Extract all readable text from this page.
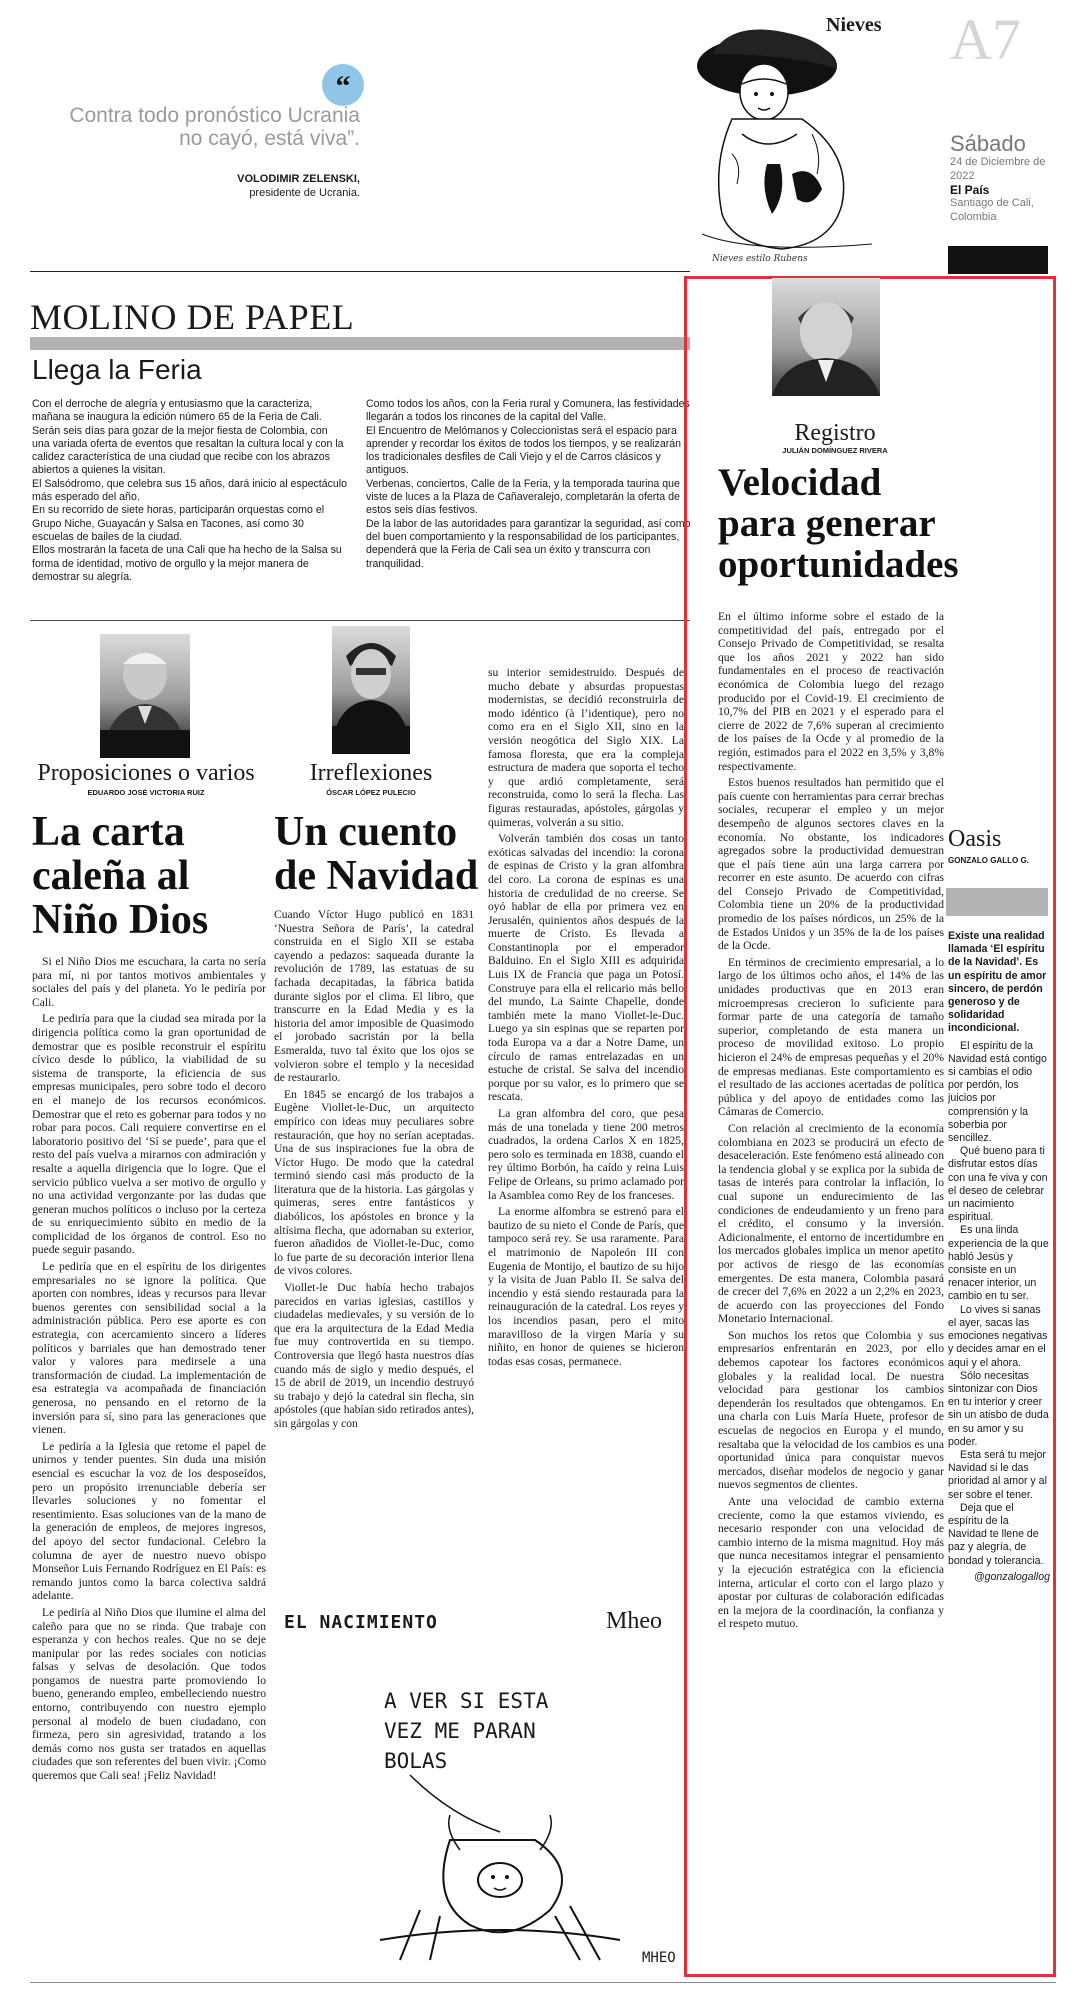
“
Contra todo pronóstico Ucrania no cayó, está viva”.
VOLODIMIR ZELENSKI,
presidente de Ucrania.
Nieves
Nieves estilo Rubens
A7
Sábado
24 de Diciembre de 2022
El País
Santiago de Cali, Colombia
MOLINO DE PAPEL
Llega la Feria
Con el derroche de alegría y entusiasmo que la caracteriza, mañana se inaugura la edición número 65 de la Feria de Cali. Serán seis días para gozar de la mejor fiesta de Colombia, con una variada oferta de eventos que resaltan la cultura local y con la calidez característica de una ciudad que recibe con los abrazos abiertos a quienes la visitan.
El Salsódromo, que celebra sus 15 años, dará inicio al espectáculo más esperado del año.
En su recorrido de siete horas, participarán orquestas como el Grupo Niche, Guayacán y Salsa en Tacones, así como 30 escuelas de bailes de la ciudad.
Ellos mostrarán la faceta de una Cali que ha hecho de la Salsa su forma de identidad, motivo de orgullo y la mejor manera de demostrar su alegría.
Como todos los años, con la Feria rural y Comunera, las festividades llegarán a todos los rincones de la capital del Valle.
El Encuentro de Melómanos y Coleccionistas será el espacio para aprender y recordar los éxitos de todos los tiempos, y se realizarán los tradicionales desfiles de Cali Viejo y el de Carros clásicos y antiguos.
Verbenas, conciertos, Calle de la Feria, y la temporada taurina que viste de luces a la Plaza de Cañaveralejo, completarán la oferta de estos seis días festivos.
De la labor de las autoridades para garantizar la seguridad, así como del buen comportamiento y la responsabilidad de los participantes, dependerá que la Feria de Cali sea un éxito y transcurra con tranquilidad.
Proposiciones o varios
EDUARDO JOSÉ VICTORIA RUIZ
La carta caleña al Niño Dios

Si el Niño Dios me escuchara, la carta no sería para mí, ni por tantos motivos ambientales y sociales del país y del planeta. Yo le pediría por Cali.

Le pediría para que la ciudad sea mirada por la dirigencia política como la gran oportunidad de demostrar que es posible reconstruir el espíritu cívico desde lo público, la viabilidad de su sistema de transporte, la eficiencia de sus empresas municipales, pero sobre todo el decoro en el manejo de los recursos económicos. Demostrar que el reto es gobernar para todos y no robar para pocos. Cali requiere convertirse en el laboratorio positivo del ‘Sí se puede’, para que el resto del país vuelva a mirarnos con admiración y resalte a aquella dirigencia que lo logre. Que el servicio público vuelva a ser motivo de orgullo y no una actividad vergonzante por las dudas que generan muchos políticos o incluso por la certeza de su enriquecimiento súbito en medio de la complicidad de los órganos de control. Eso no puede seguir pasando.

Le pediría que en el espíritu de los dirigentes empresariales no se ignore la política. Que aporten con nombres, ideas y recursos para llevar buenos gerentes con sensibilidad social a la administración pública. Pero ese aporte es con estrategia, con acercamiento sincero a líderes políticos y barriales que han demostrado tener valor y valores para medirsele a una transformación de ciudad. La implementación de esa estrategia va acompañada de financiación generosa, no pensando en el retorno de la inversión para sí, sino para las generaciones que vienen.

Le pediría a la Iglesia que retome el papel de unirnos y tender puentes. Sin duda una misión esencial es escuchar la voz de los desposeídos, pero un propósito irrenunciable debería ser llevarles soluciones y no fomentar el resentimiento. Esas soluciones van de la mano de la generación de empleos, de mejores ingresos, del apoyo del sector fundacional. Celebro la columna de ayer de nuestro nuevo obispo Monseñor Luis Fernando Rodríguez en El País: es remando juntos como la barca colectiva saldrá adelante.

Le pediría al Niño Dios que ilumine el alma del caleño para que no se rinda. Que trabaje con esperanza y con hechos reales. Que no se deje manipular por las redes sociales con noticias falsas y selvas de desolación. Que todos pongamos de nuestra parte promoviendo lo bueno, generando empleo, embelleciendo nuestro entorno, contribuyendo con nuestro ejemplo personal al modelo de buen ciudadano, con firmeza, pero sin agresividad, tratando a los demás como nos gusta ser tratados en aquellas ciudades que son referentes del buen vivir. ¡Como queremos que Cali sea! ¡Feliz Navidad!

Irreflexiones
ÓSCAR LÓPEZ PULECIO
Un cuento de Navidad

Cuando Víctor Hugo publicó en 1831 ‘Nuestra Señora de París’, la catedral construida en el Siglo XII se estaba cayendo a pedazos: saqueada durante la revolución de 1789, las estatuas de su fachada decapitadas, la fábrica batida durante siglos por el clima. El libro, que transcurre en la Edad Media y es la historia del amor imposible de Quasimodo el jorobado sacristán por la bella Esmeralda, tuvo tal éxito que los ojos se volvieron sobre el templo y la necesidad de restaurarlo.

En 1845 se encargó de los trabajos a Eugène Viollet-le-Duc, un arquitecto empírico con ideas muy peculiares sobre restauración, que hoy no serían aceptadas. Una de sus inspiraciones fue la obra de Víctor Hugo. De modo que la catedral terminó siendo casi más producto de la literatura que de la historia. Las gárgolas y quimeras, seres entre fantásticos y diabólicos, los apóstoles en bronce y la altísima flecha, que adornaban su exterior, fueron añadidos de Viollet-le-Duc, como lo fue parte de su decoración interior llena de vivos colores.

Viollet-le Duc había hecho trabajos parecidos en varias iglesias, castillos y ciudadelas medievales, y su versión de lo que era la arquitectura de la Edad Media fue muy controvertida en su tiempo. Controversia que llegó hasta nuestros días cuando más de siglo y medio después, el 15 de abril de 2019, un incendio destruyó su trabajo y dejó la catedral sin flecha, sin apóstoles (que habían sido retirados antes), sin gárgolas y con

su interior semidestruido. Después de mucho debate y absurdas propuestas modernistas, se decidió reconstruirla de modo idéntico (à l’identique), pero no como era en el Siglo XII, sino en la versión neogótica del Siglo XIX. La famosa floresta, que era la compleja estructura de madera que soporta el techo y que ardió completamente, será reconstruida, como lo será la flecha. Las figuras restauradas, apóstoles, gárgolas y quimeras, volverán a su sitio.

Volverán también dos cosas un tanto exóticas salvadas del incendio: la corona de espinas de Cristo y la gran alfombra del coro. La corona de espinas es una historia de credulidad de no creerse. Se oyó hablar de ella por primera vez en Jerusalén, quinientos años después de la muerte de Cristo. Es llevada a Constantinopla por el emperador Balduino. En el Siglo XIII es adquirida Luis IX de Francia que paga un Potosí. Construye para ella el relicario más bello del mundo, La Sainte Chapelle, donde también mete la mano Viollet-le-Duc. Luego ya sin espinas que se reparten por toda Europa va a dar a Notre Dame, un círculo de ramas entrelazadas en un estuche de cristal. Se salva del incendio porque por su valor, es lo primero que se rescata.

La gran alfombra del coro, que pesa más de una tonelada y tiene 200 metros cuadrados, la ordena Carlos X en 1825, pero solo es terminada en 1838, cuando el rey último Borbón, ha caído y reina Luis Felipe de Orleans, su primo aclamado por la Asamblea como Rey de los franceses.

La enorme alfombra se estrenó para el bautizo de su nieto el Conde de París, que tampoco será rey. Se usa raramente. Para el matrimonio de Napoleón III con Eugenia de Montijo, el bautizo de su hijo y la visita de Juan Pablo II. Se salva del incendio y está siendo restaurada para la reinauguración de la catedral. Los reyes y los incendios pasan, pero el mito maravilloso de la virgen María y su niñito, en honor de quienes se hicieron todas esas cosas, permanece.

EL NACIMIENTO	Mheo
A VER SI ESTA VEZ ME PARAN BOLAS
MHEO
Registro
JULIÁN DOMÍNGUEZ RIVERA
Velocidad para generar oportunidades

En el último informe sobre el estado de la competitividad del país, entregado por el Consejo Privado de Competitividad, se resalta que los años 2021 y 2022 han sido fundamentales en el proceso de reactivación económica de Colombia luego del rezago producido por el Covid-19. El crecimiento de 10,7% del PIB en 2021 y el esperado para el cierre de 2022 de 7,6% superan al crecimiento de los países de la Ocde y al promedio de la región, estimados para el 2022 en 3,5% y 3,8% respectivamente.

Estos buenos resultados han permitido que el país cuente con herramientas para cerrar brechas sociales, recuperar el empleo y un mejor desempeño de algunos sectores claves en la economía. No obstante, los indicadores agregados sobre la productividad demuestran que el país tiene aún una larga carrera por recorrer en este asunto. De acuerdo con cifras del Consejo Privado de Competitividad, Colombia tiene un 20% de la productividad promedio de los países nórdicos, un 25% de la de Estados Unidos y un 35% de la de los países de la Ocde.

En términos de crecimiento empresarial, a lo largo de los últimos ocho años, el 14% de las unidades productivas que en 2013 eran microempresas crecieron lo suficiente para formar parte de una categoría de tamaño superior, completando de esta manera un proceso de movilidad exitoso. Lo propio hicieron el 24% de empresas pequeñas y el 20% de empresas medianas. Este comportamiento es el resultado de las acciones acertadas de política pública y del apoyo de entidades como las Cámaras de Comercio.

Con relación al crecimiento de la economía colombiana en 2023 se producirá un efecto de desaceleración. Este fenómeno está alineado con la tendencia global y se explica por la subida de tasas de interés para controlar la inflación, lo cual supone un endurecimiento de las condiciones de endeudamiento y un freno para el crédito, el consumo y la inversión. Adicionalmente, el entorno de incertidumbre en los mercados globales implica un menor apetito por activos de riesgo de las economías emergentes. De esta manera, Colombia pasará de crecer del 7,6% en 2022 a un 2,2% en 2023, de acuerdo con las proyecciones del Fondo Monetario Internacional.

Son muchos los retos que Colombia y sus empresarios enfrentarán en 2023, por ello debemos capotear los factores económicos globales y la realidad local. De nuestra velocidad para gestionar los cambios dependerán los resultados que obtengamos. En una charla con Luis María Huete, profesor de escuelas de negocios en Europa y el mundo, resaltaba que la velocidad de los cambios es una oportunidad única para conquistar nuevos mercados, diseñar modelos de negocio y ganar nuevos segmentos de clientes.

Ante una velocidad de cambio externa creciente, como la que estamos viviendo, es necesario responder con una velocidad de cambio interno de la misma magnitud. Hoy más que nunca necesitamos integrar el pensamiento y la ejecución estratégica con la eficiencia interna, articular el corto con el largo plazo y apostar por culturas de colaboración edificadas en la mejora de la coordinación, la confianza y el respeto mutuo.

Oasis
GONZALO GALLO G.

Existe una realidad llamada ‘El espíritu de la Navidad’. Es un espíritu de amor sincero, de perdón generoso y de solidaridad incondicional.

El espíritu de la Navidad está contigo si cambias el odio por perdón, los juicios por comprensión y la soberbia por sencillez.

Qué bueno para ti disfrutar estos días con una fe viva y con el deseo de celebrar un nacimiento espiritual.

Es una linda experiencia de la que habló Jesús y consiste en un renacer interior, un cambio en tu ser.

Lo vives si sanas el ayer, sacas las emociones negativas y decides amar en el aquí y el ahora.

Sólo necesitas sintonizar con Dios en tu interior y creer sin un atisbo de duda en su amor y su poder.

Esta será tu mejor Navidad si le das prioridad al amor y al ser sobre el tener.

Deja que el espíritu de la Navidad te llene de paz y alegría, de bondad y tolerancia.

@gonzalogallog
